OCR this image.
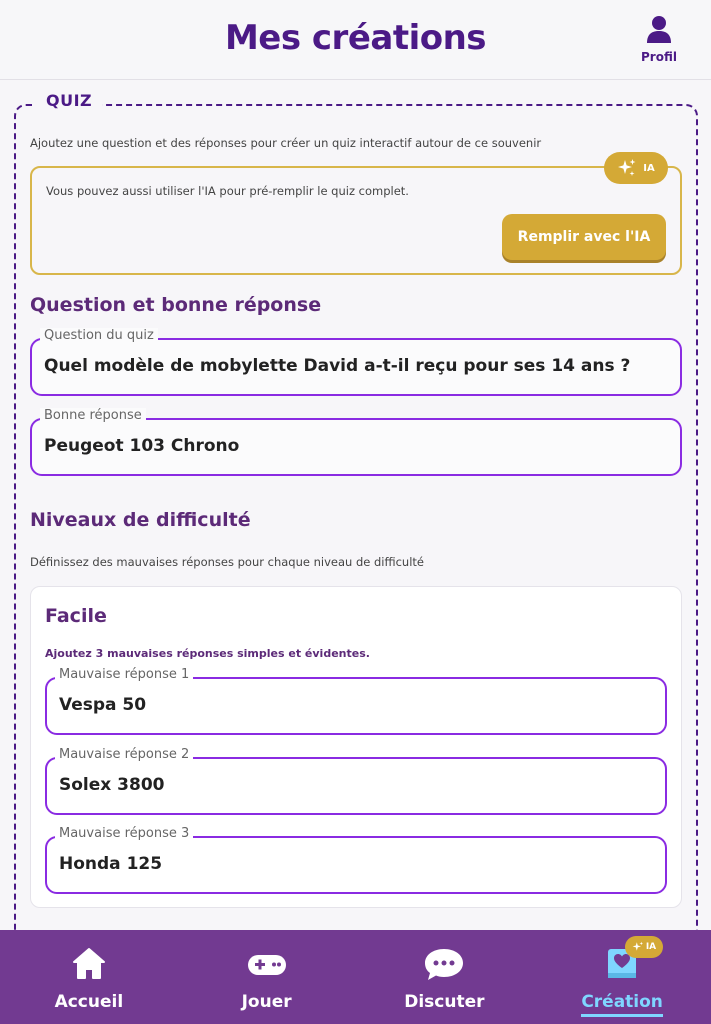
Mes créations	Profil
QUIZ
Ajoutez une question et des réponses pour créer un quiz interactif autour de ce souvenir
IA
Vous pouvez aussi utiliser l'IA pour pré-remplir le quiz complet.
Remplir avec l'IA
Question et bonne réponse
Question du quiz
Quel modèle de mobylette David a-t-il reçu pour ses 14 ans ?
Bonne réponse
Peugeot 103 Chrono
Niveaux de difficulté
Définissez des mauvaises réponses pour chaque niveau de difficulté
Facile
Ajoutez 3 mauvaises réponses simples et évidentes.
Mauvaise réponse 1
Vespa 50
Mauvaise réponse 2
Solex 3800
Mauvaise réponse 3
Honda 125
Accueil	Jouer	Discuter
IA
Création
